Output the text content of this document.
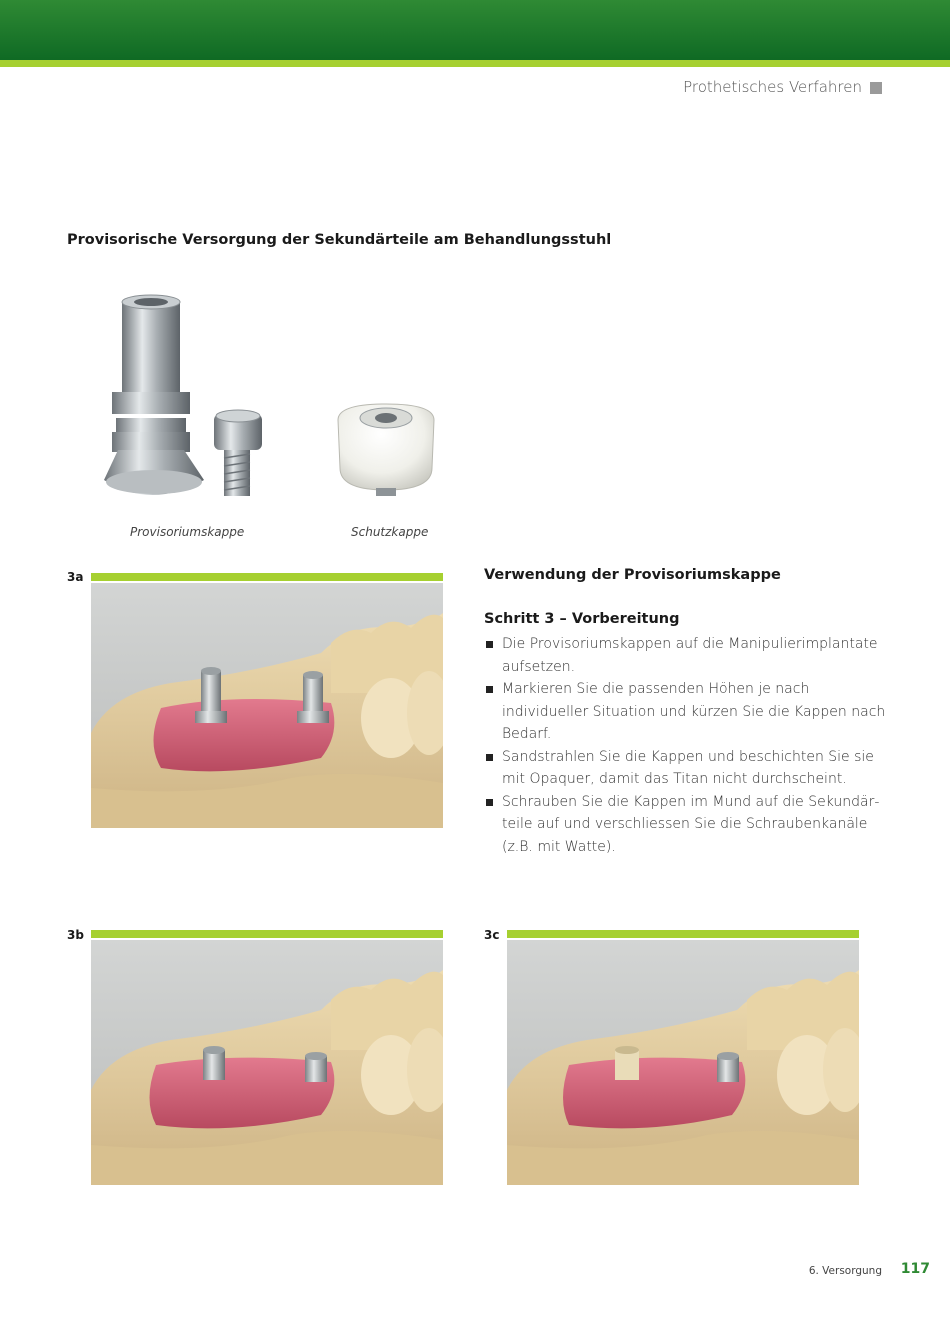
Prothetisches Verfahren
Provisorische Versorgung der Sekundärteile am Behandlungsstuhl
Provisoriumskappe	Schutzkappe
3a	Verwendung der Provisoriumskappe
Schritt 3 – Vorbereitung
Die Provisoriumskappen auf die Manipulierimplantate aufsetzen.
Markieren Sie die passenden Höhen je nach individueller Situation und kürzen Sie die Kappen nach Bedarf.
Sandstrahlen Sie die Kappen und beschichten Sie sie mit Opaquer, damit das Titan nicht durchscheint.
Schrauben Sie die Kappen im Mund auf die Sekundärteile auf und verschliessen Sie die Schraubenkanäle (z.B. mit Watte).
3b	3c
6. Versorgung 117
